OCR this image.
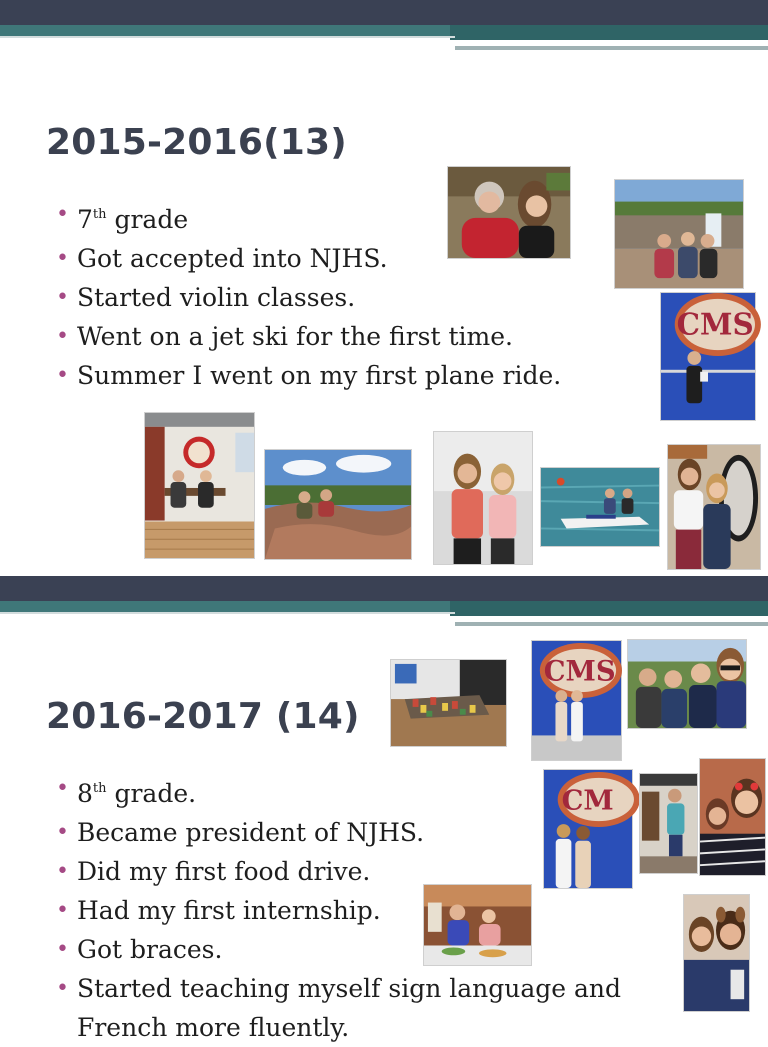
2015-2016(13)
• 7th grade
• Got accepted into NJHS.
• Started violin classes.
• Went on a jet ski for the first time.
• Summer I went on my first plane ride.
CMS
2016-2017 (14)
• 8th grade.
• Became president of NJHS.
• Did my first food drive.
• Had my first internship.
• Got braces.
• Started teaching myself sign language and
French more fluently.
CMS
CM
